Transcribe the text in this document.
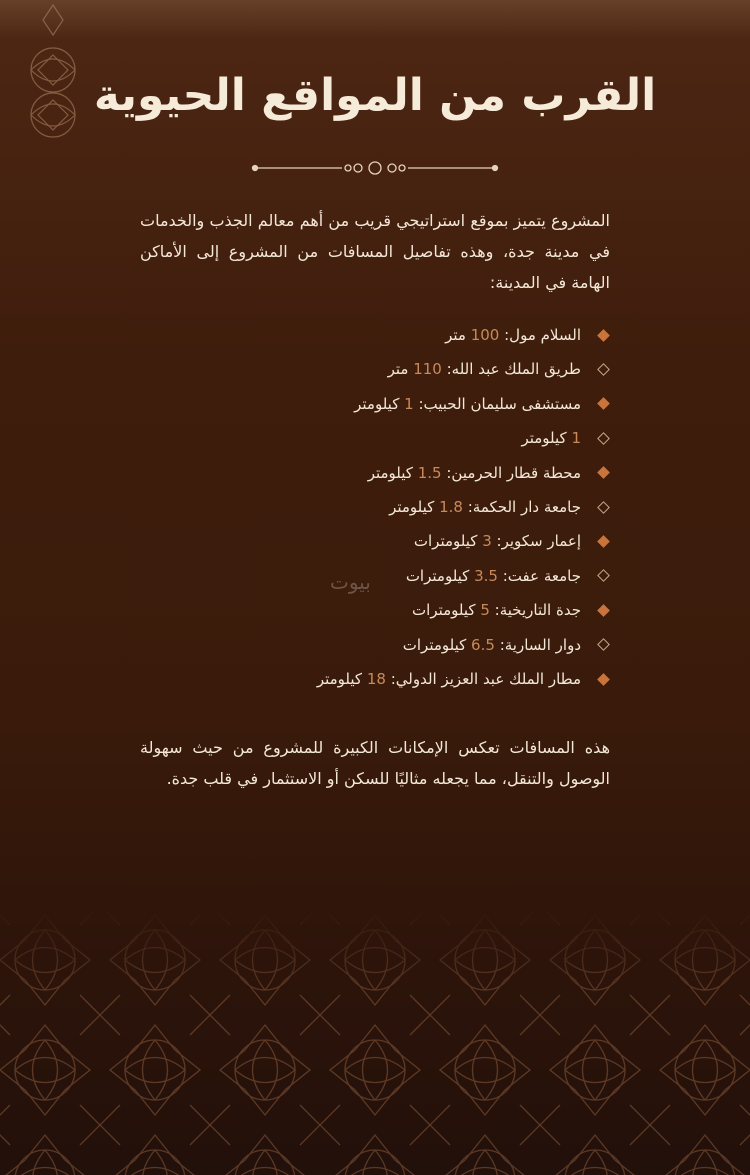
القرب من المواقع الحيوية
المشروع يتميز بموقع استراتيجي قريب من أهم معالم الجذب والخدمات في مدينة جدة، وهذه تفاصيل المسافات من المشروع إلى الأماكن الهامة في المدينة:
السلام مول: 100 متر
طريق الملك عبد الله: 110 متر
مستشفى سليمان الحبيب: 1 كيلومتر
1 كيلومتر
محطة قطار الحرمين: 1.5 كيلومتر
جامعة دار الحكمة: 1.8 كيلومتر
إعمار سكوير: 3 كيلومترات
جامعة عفت: 3.5 كيلومترات
جدة التاريخية: 5 كيلومترات
دوار السارية: 6.5 كيلومترات
مطار الملك عبد العزيز الدولي: 18 كيلومتر
بيوت
هذه المسافات تعكس الإمكانات الكبيرة للمشروع من حيث سهولة الوصول والتنقل، مما يجعله مثاليًا للسكن أو الاستثمار في قلب جدة.
